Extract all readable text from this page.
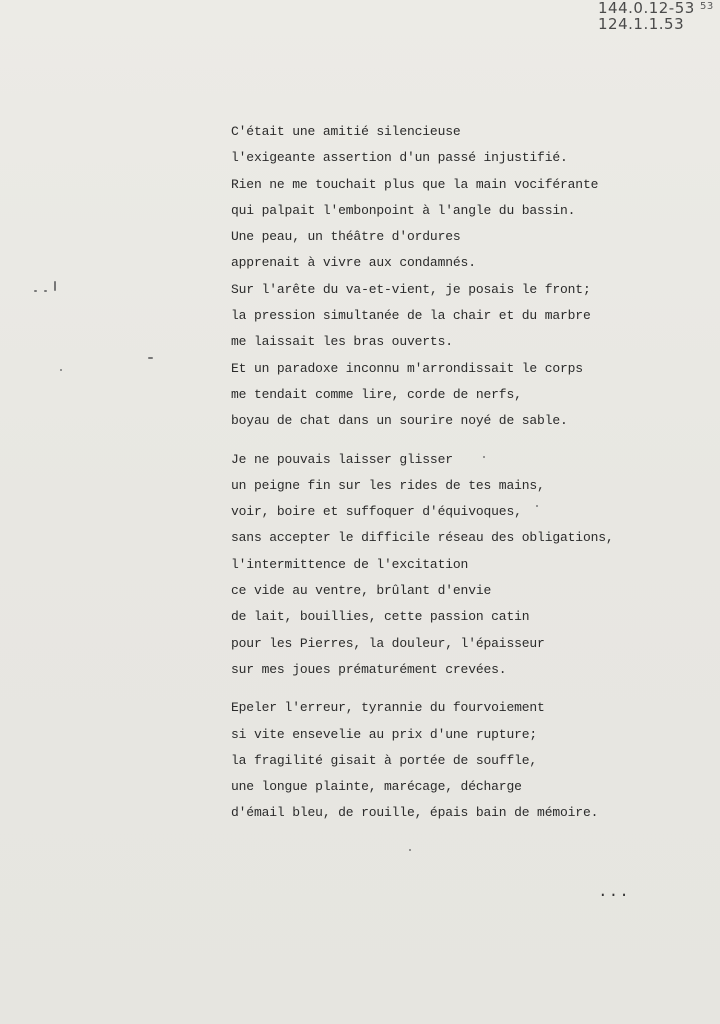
144.0.12-53
124.1.1.53
53
C'était une amitié silencieuse
l'exigeante assertion d'un passé injustifié.
Rien ne me touchait plus que la main vociférante
qui palpait l'embonpoint à l'angle du bassin.
Une peau, un théâtre d'ordures
apprenait à vivre aux condamnés.
Sur l'arête du va-et-vient, je posais le front;
la pression simultanée de la chair et du marbre
me laissait les bras ouverts.
Et un paradoxe inconnu m'arrondissait le corps
me tendait comme lire, corde de nerfs,
boyau de chat dans un sourire noyé de sable.
Je ne pouvais laisser glisser
un peigne fin sur les rides de tes mains,
voir, boire et suffoquer d'équivoques,
sans accepter le difficile réseau des obligations,
l'intermittence de l'excitation
ce vide au ventre, brûlant d'envie
de lait, bouillies, cette passion catin
pour les Pierres, la douleur, l'épaisseur
sur mes joues prématurément crevées.
Epeler l'erreur, tyrannie du fourvoiement
si vite ensevelie au prix d'une rupture;
la fragilité gisait à portée de souffle,
une longue plainte, marécage, décharge
d'émail bleu, de rouille, épais bain de mémoire.
...
